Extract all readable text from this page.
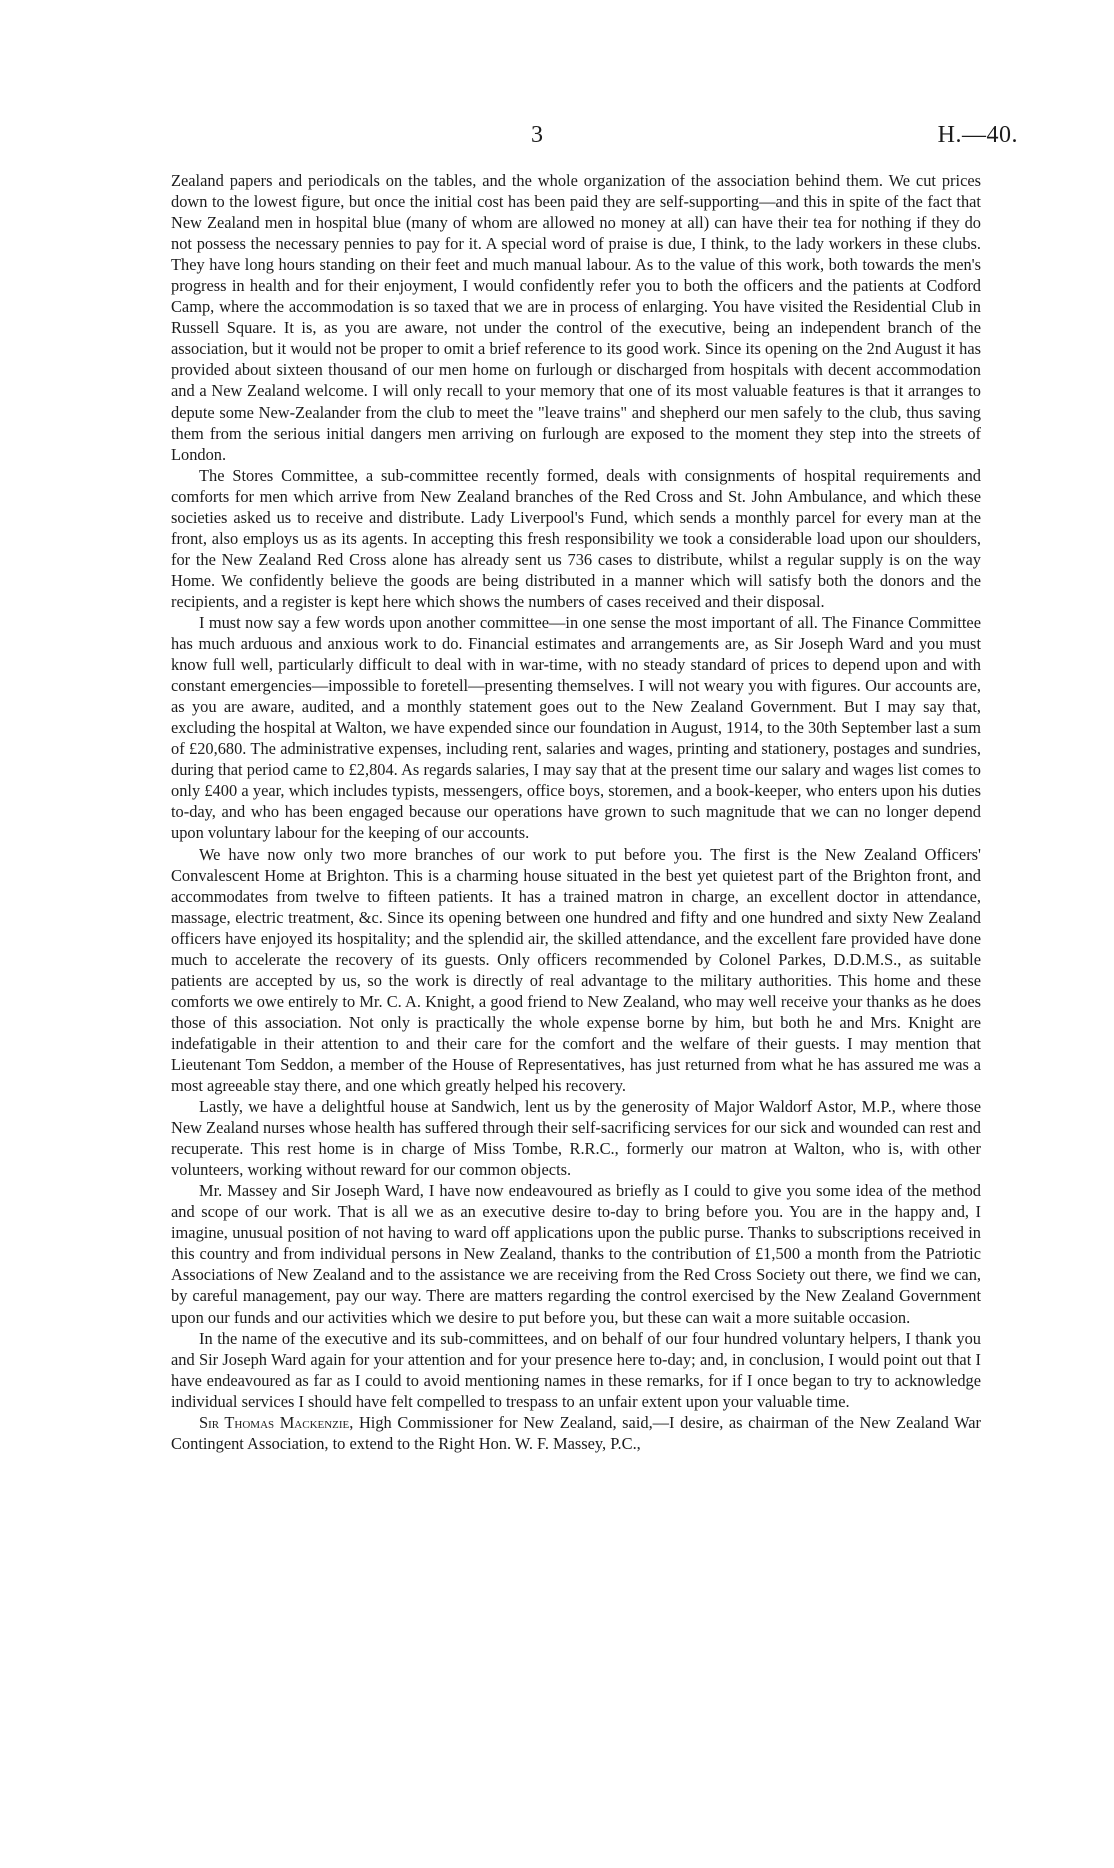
3	H.—40.

Zealand papers and periodicals on the tables, and the whole organization of the association behind them. We cut prices down to the lowest figure, but once the initial cost has been paid they are self-supporting—and this in spite of the fact that New Zealand men in hospital blue (many of whom are allowed no money at all) can have their tea for nothing if they do not possess the necessary pennies to pay for it. A special word of praise is due, I think, to the lady workers in these clubs. They have long hours standing on their feet and much manual labour. As to the value of this work, both towards the men's progress in health and for their enjoyment, I would confidently refer you to both the officers and the patients at Codford Camp, where the accommodation is so taxed that we are in process of enlarging. You have visited the Residential Club in Russell Square. It is, as you are aware, not under the control of the executive, being an independent branch of the association, but it would not be proper to omit a brief reference to its good work. Since its opening on the 2nd August it has provided about sixteen thousand of our men home on furlough or discharged from hospitals with decent accommodation and a New Zealand welcome. I will only recall to your memory that one of its most valuable features is that it arranges to depute some New-Zealander from the club to meet the "leave trains" and shepherd our men safely to the club, thus saving them from the serious initial dangers men arriving on furlough are exposed to the moment they step into the streets of London.

The Stores Committee, a sub-committee recently formed, deals with consignments of hospital requirements and comforts for men which arrive from New Zealand branches of the Red Cross and St. John Ambulance, and which these societies asked us to receive and distribute. Lady Liverpool's Fund, which sends a monthly parcel for every man at the front, also employs us as its agents. In accepting this fresh responsibility we took a considerable load upon our shoulders, for the New Zealand Red Cross alone has already sent us 736 cases to distribute, whilst a regular supply is on the way Home. We confidently believe the goods are being distributed in a manner which will satisfy both the donors and the recipients, and a register is kept here which shows the numbers of cases received and their disposal.

I must now say a few words upon another committee—in one sense the most important of all. The Finance Committee has much arduous and anxious work to do. Financial estimates and arrangements are, as Sir Joseph Ward and you must know full well, particularly difficult to deal with in war-time, with no steady standard of prices to depend upon and with constant emergencies—impossible to foretell—presenting themselves. I will not weary you with figures. Our accounts are, as you are aware, audited, and a monthly statement goes out to the New Zealand Government. But I may say that, excluding the hospital at Walton, we have expended since our foundation in August, 1914, to the 30th September last a sum of £20,680. The administrative expenses, including rent, salaries and wages, printing and stationery, postages and sundries, during that period came to £2,804. As regards salaries, I may say that at the present time our salary and wages list comes to only £400 a year, which includes typists, messengers, office boys, storemen, and a book-keeper, who enters upon his duties to-day, and who has been engaged because our operations have grown to such magnitude that we can no longer depend upon voluntary labour for the keeping of our accounts.

We have now only two more branches of our work to put before you. The first is the New Zealand Officers' Convalescent Home at Brighton. This is a charming house situated in the best yet quietest part of the Brighton front, and accommodates from twelve to fifteen patients. It has a trained matron in charge, an excellent doctor in attendance, massage, electric treatment, &c. Since its opening between one hundred and fifty and one hundred and sixty New Zealand officers have enjoyed its hospitality; and the splendid air, the skilled attendance, and the excellent fare provided have done much to accelerate the recovery of its guests. Only officers recommended by Colonel Parkes, D.D.M.S., as suitable patients are accepted by us, so the work is directly of real advantage to the military authorities. This home and these comforts we owe entirely to Mr. C. A. Knight, a good friend to New Zealand, who may well receive your thanks as he does those of this association. Not only is practically the whole expense borne by him, but both he and Mrs. Knight are indefatigable in their attention to and their care for the comfort and the welfare of their guests. I may mention that Lieutenant Tom Seddon, a member of the House of Representatives, has just returned from what he has assured me was a most agreeable stay there, and one which greatly helped his recovery.

Lastly, we have a delightful house at Sandwich, lent us by the generosity of Major Waldorf Astor, M.P., where those New Zealand nurses whose health has suffered through their self-sacrificing services for our sick and wounded can rest and recuperate. This rest home is in charge of Miss Tombe, R.R.C., formerly our matron at Walton, who is, with other volunteers, working without reward for our common objects.

Mr. Massey and Sir Joseph Ward, I have now endeavoured as briefly as I could to give you some idea of the method and scope of our work. That is all we as an executive desire to-day to bring before you. You are in the happy and, I imagine, unusual position of not having to ward off applications upon the public purse. Thanks to subscriptions received in this country and from individual persons in New Zealand, thanks to the contribution of £1,500 a month from the Patriotic Associations of New Zealand and to the assistance we are receiving from the Red Cross Society out there, we find we can, by careful management, pay our way. There are matters regarding the control exercised by the New Zealand Government upon our funds and our activities which we desire to put before you, but these can wait a more suitable occasion.

In the name of the executive and its sub-committees, and on behalf of our four hundred voluntary helpers, I thank you and Sir Joseph Ward again for your attention and for your presence here to-day; and, in conclusion, I would point out that I have endeavoured as far as I could to avoid mentioning names in these remarks, for if I once began to try to acknowledge individual services I should have felt compelled to trespass to an unfair extent upon your valuable time.

Sir Thomas Mackenzie, High Commissioner for New Zealand, said,—I desire, as chairman of the New Zealand War Contingent Association, to extend to the Right Hon. W. F. Massey, P.C.,
